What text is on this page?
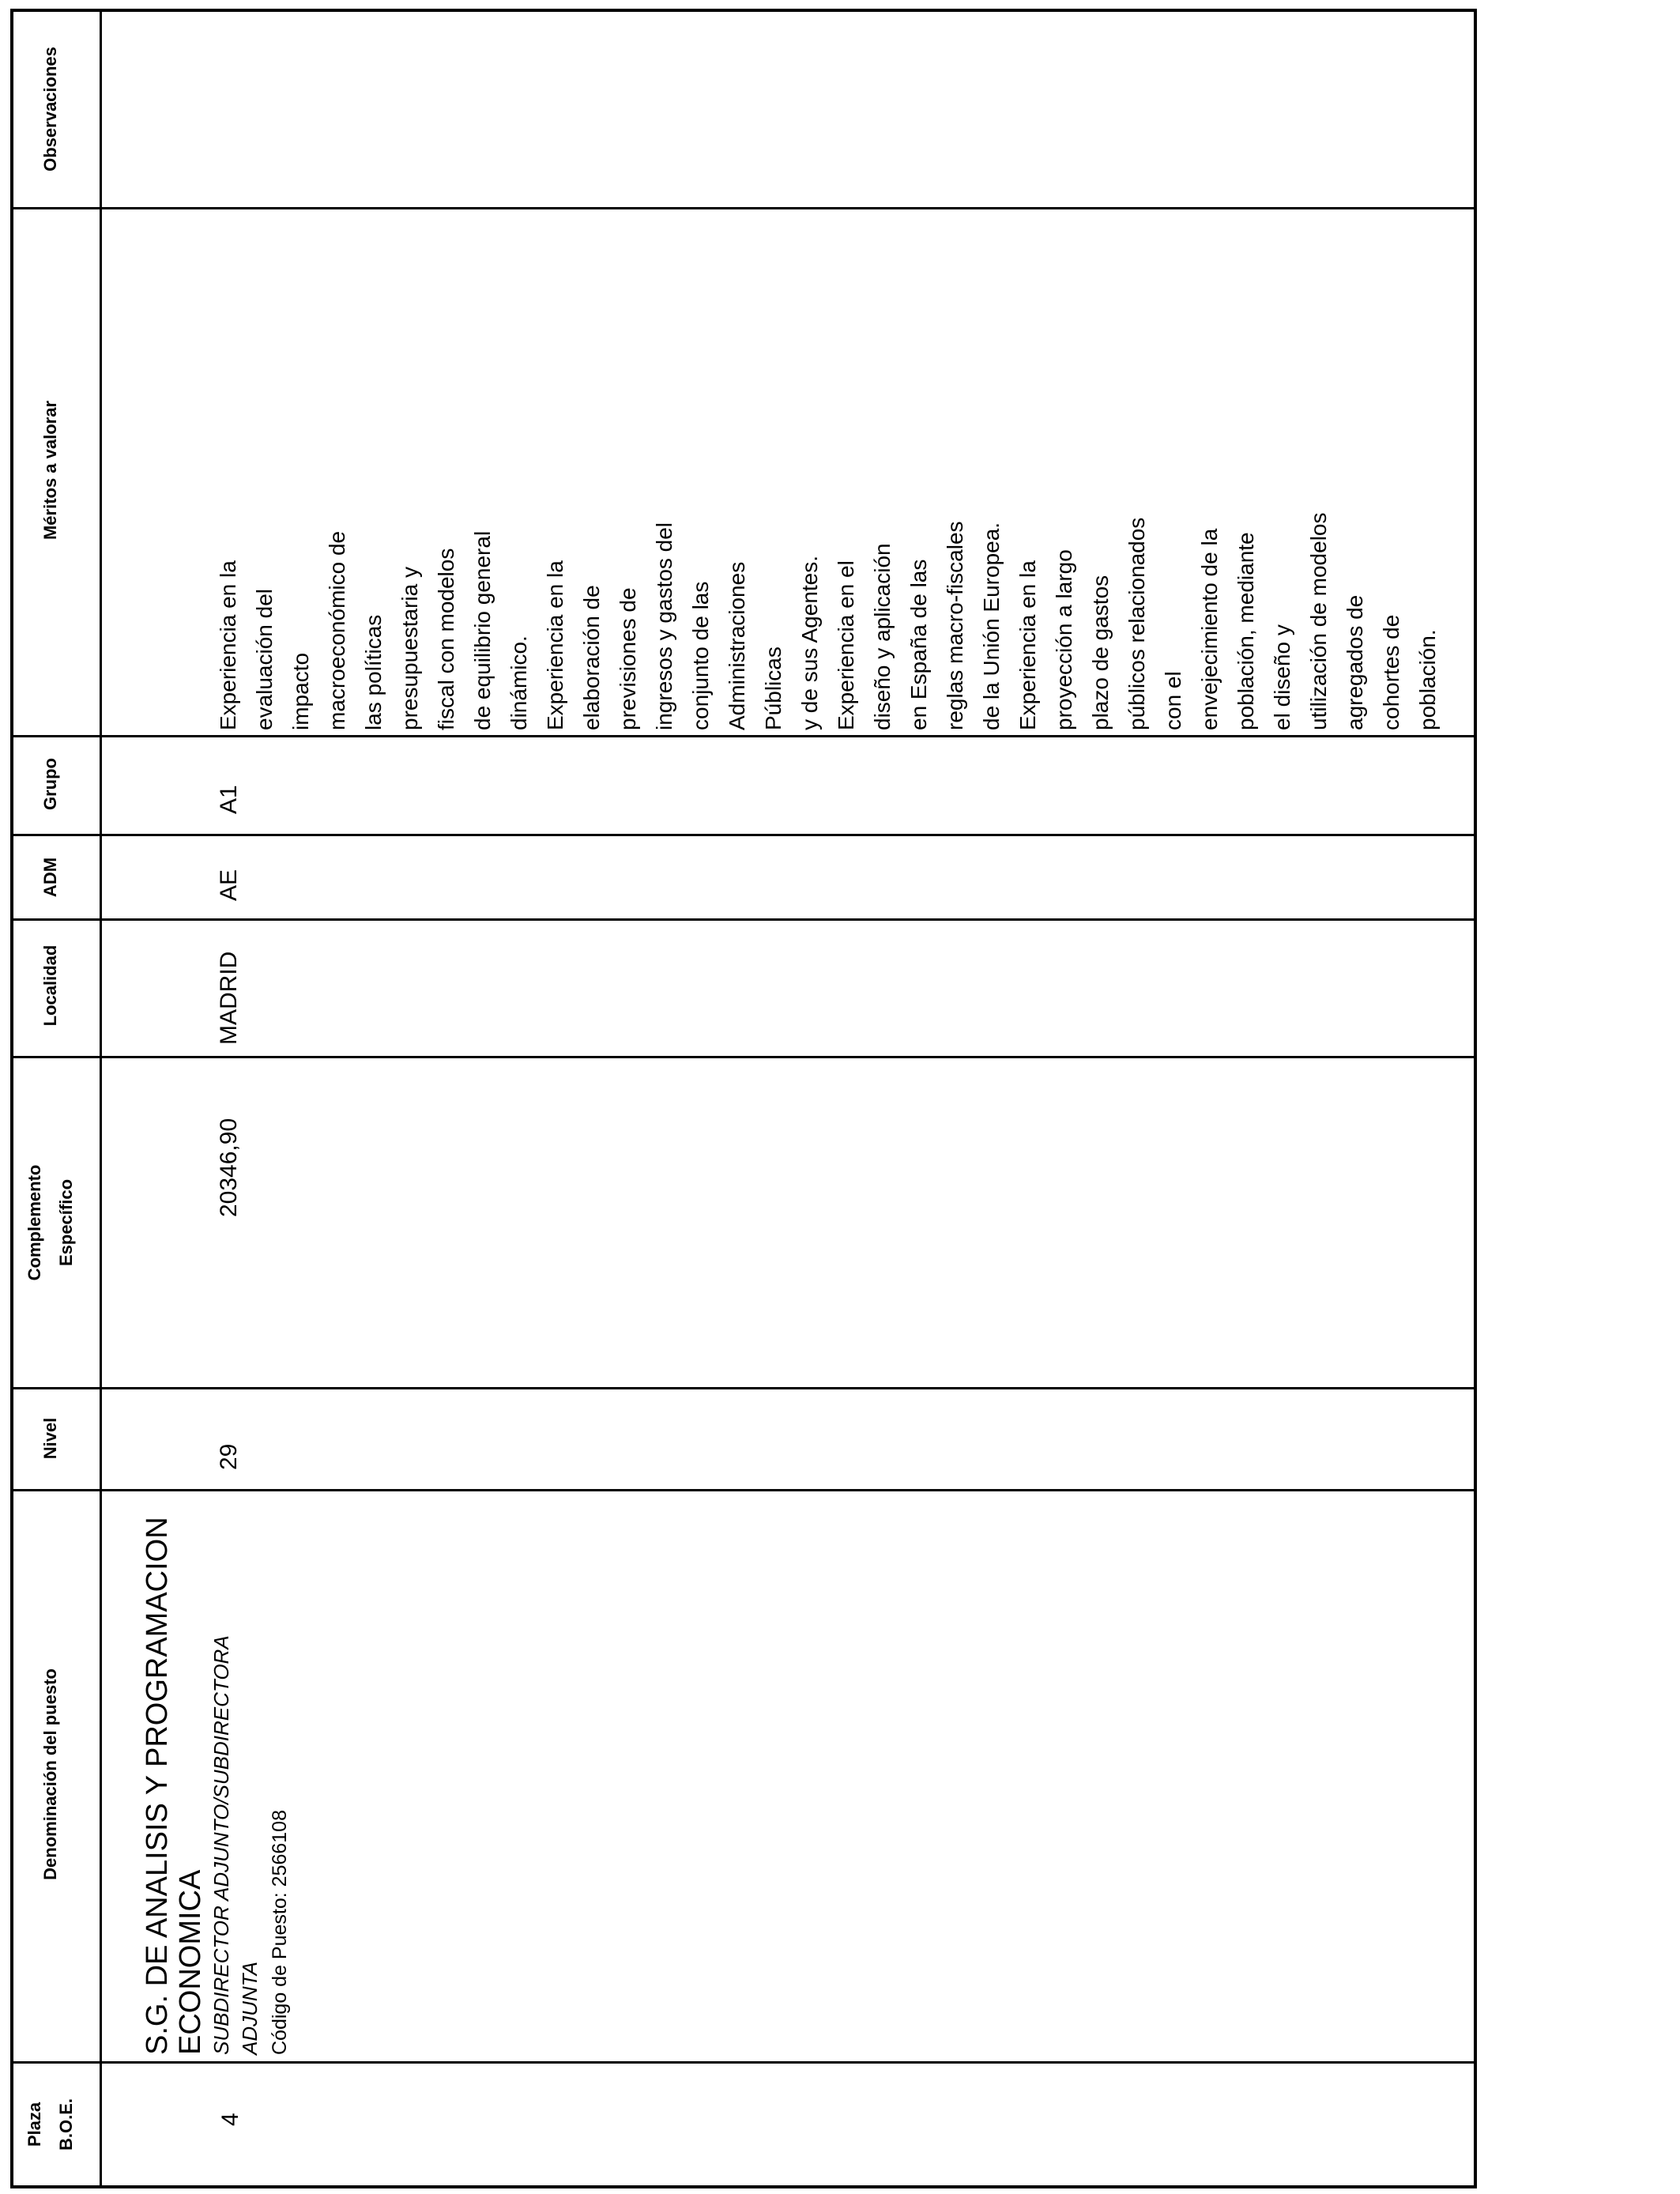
Plaza B.O.E.
Denominación del puesto
Nivel
Complemento Específico
Localidad
ADM
Grupo
Méritos a valorar
Observaciones
4
S.G. DE ANALISIS Y PROGRAMACION ECONOMICA SUBDIRECTOR ADJUNTO/SUBDIRECTORA ADJUNTA Código de Puesto: 2566108
29
20346,90
MADRID
AE
A1
Experiencia en la evaluación del impacto macroeconómico de las políticas presupuestaria y fiscal con modelos de equilibrio general dinámico. Experiencia en la elaboración de previsiones de ingresos y gastos del conjunto de las Administraciones Públicas y de sus Agentes. Experiencia en el diseño y aplicación en España de las reglas macro-fiscales de la Unión Europea. Experiencia en la proyección a largo plazo de gastos públicos relacionados con el envejecimiento de la población, mediante el diseño y utilización de modelos agregados de cohortes de población.
